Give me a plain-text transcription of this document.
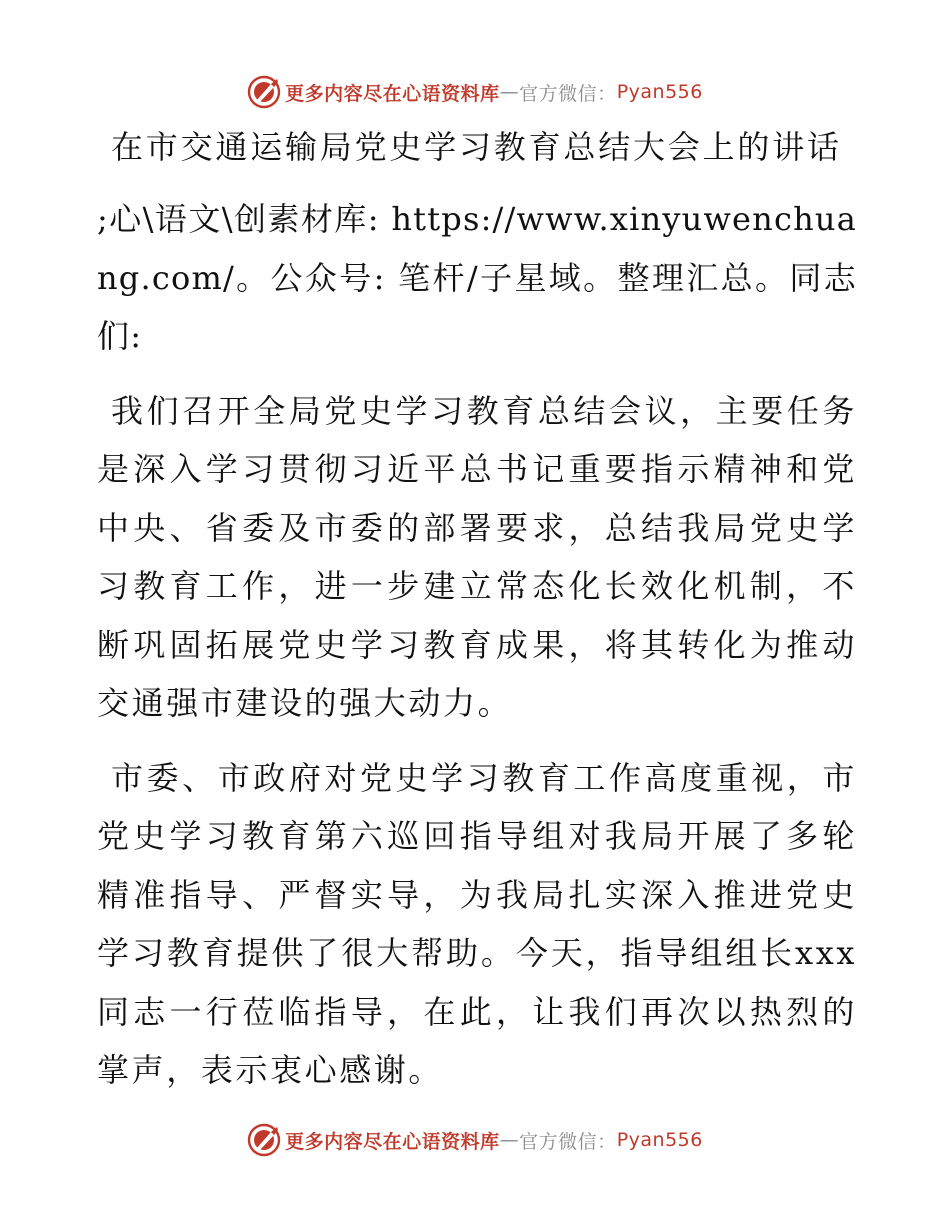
更多内容尽在心语资料库 — 官方微信： Pyan556
在市交通运输局党史学习教育总结大会上的讲话

;心\语文\创素材库: https://www.xinyuwenchuang.com/。公众号: 笔杆/子星域。整理汇总。同志们:

我们召开全局党史学习教育总结会议，主要任务是深入学习贯彻习近平总书记重要指示精神和党中央、省委及市委的部署要求，总结我局党史学习教育工作，进一步建立常态化长效化机制，不断巩固拓展党史学习教育成果，将其转化为推动交通强市建设的强大动力。

市委、市政府对党史学习教育工作高度重视，市党史学习教育第六巡回指导组对我局开展了多轮精准指导、严督实导，为我局扎实深入推进党史学习教育提供了很大帮助。今天，指导组组长xxx同志一行莅临指导，在此，让我们再次以热烈的掌声，表示衷心感谢。

更多内容尽在心语资料库 — 官方微信： Pyan556
